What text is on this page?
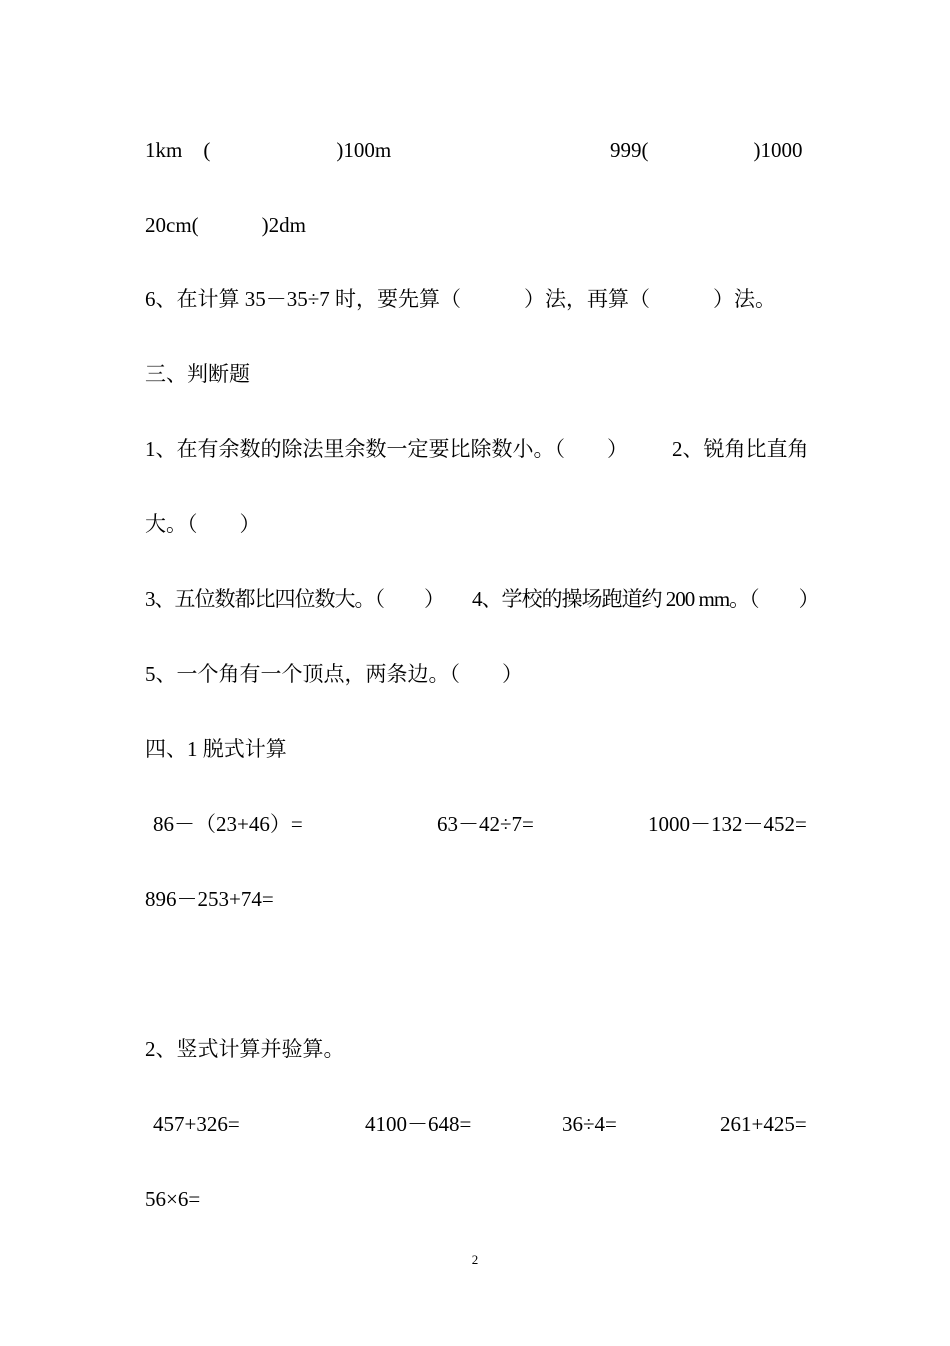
1km　(　　　　　　)100m	999(　　　　　)1000
20cm(　　　)2dm
6、在计算 35－35÷7 时，要先算（　　　）法，再算（　　　）法。
三、判断题
1、在有余数的除法里余数一定要比除数小。（　　） 2、锐角比直角
大。（　　）
3、五位数都比四位数大。（　　） 4、学校的操场跑道约 200 mm。（　　）
5、一个角有一个顶点，两条边。（　　）
四、1 脱式计算
86－（23+46）=	63－42÷7=	1000－132－452=
896－253+74=
2、竖式计算并验算。
457+326=	4100－648=	36÷4=	261+425=
56×6=
2
